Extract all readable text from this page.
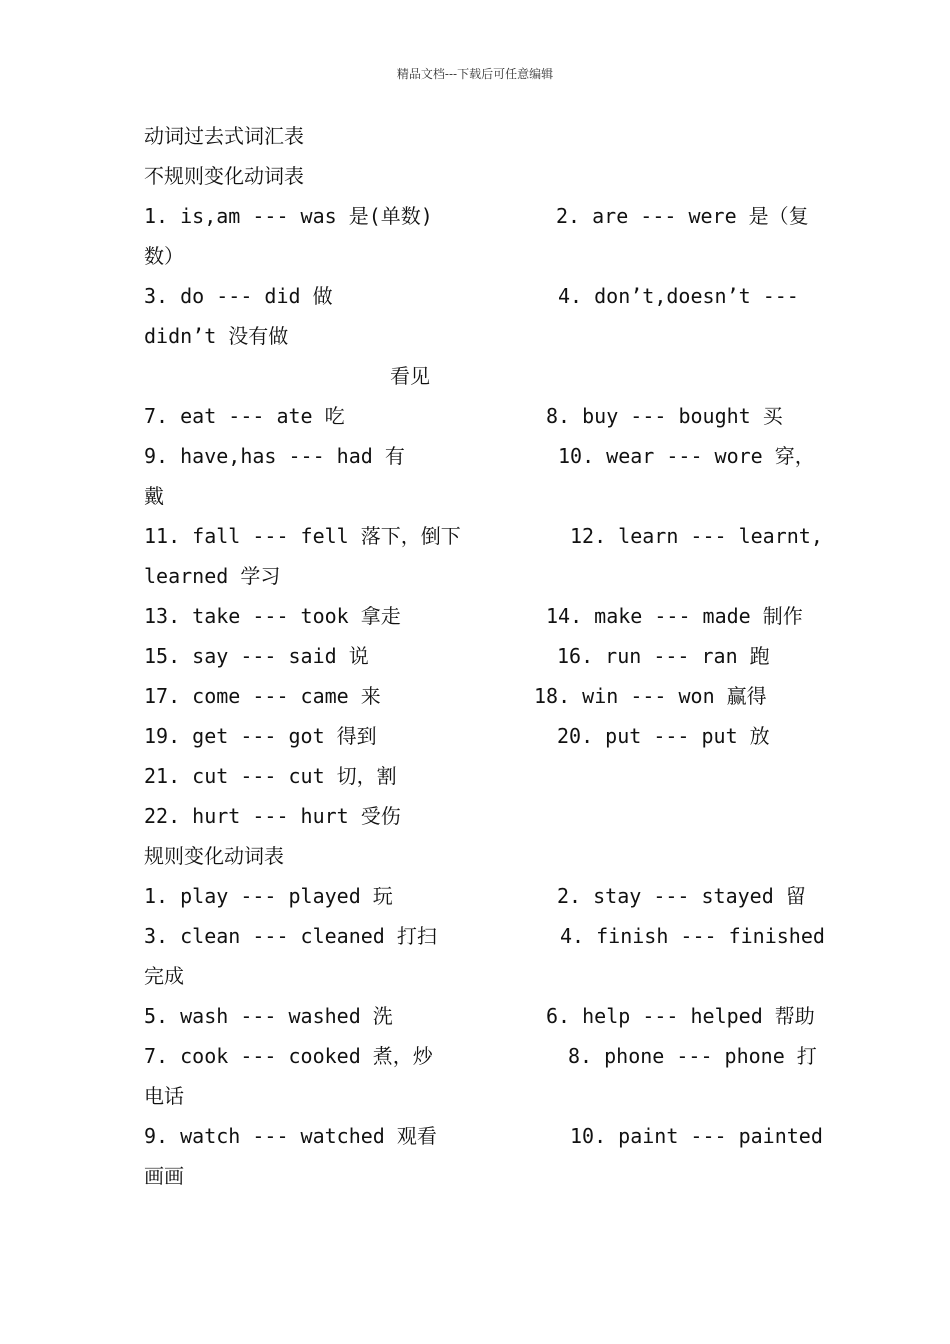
精品文档---下载后可任意编辑
动词过去式词汇表
不规则变化动词表
1. is,am --- was 是(单数)	2. are --- were 是（复
数）
3. do --- did 做	4. don’t,doesn’t ---
didn’t 没有做
看见
7. eat --- ate 吃	8. buy --- bought 买
9. have,has --- had 有	10. wear --- wore 穿，
戴
11. fall --- fell 落下，倒下	12. learn --- learnt,
learned 学习
13. take --- took 拿走	14. make --- made 制作
15. say --- said 说	16. run --- ran 跑
17. come --- came 来	18. win --- won 赢得
19. get --- got 得到	20. put --- put 放
21. cut --- cut 切，割
22. hurt --- hurt 受伤
规则变化动词表
1. play --- played 玩	2. stay --- stayed 留
3. clean --- cleaned 打扫	4. finish --- finished
完成
5. wash --- washed 洗	6. help --- helped 帮助
7. cook --- cooked 煮，炒	8. phone --- phone 打
电话
9. watch --- watched 观看	10. paint --- painted
画画
